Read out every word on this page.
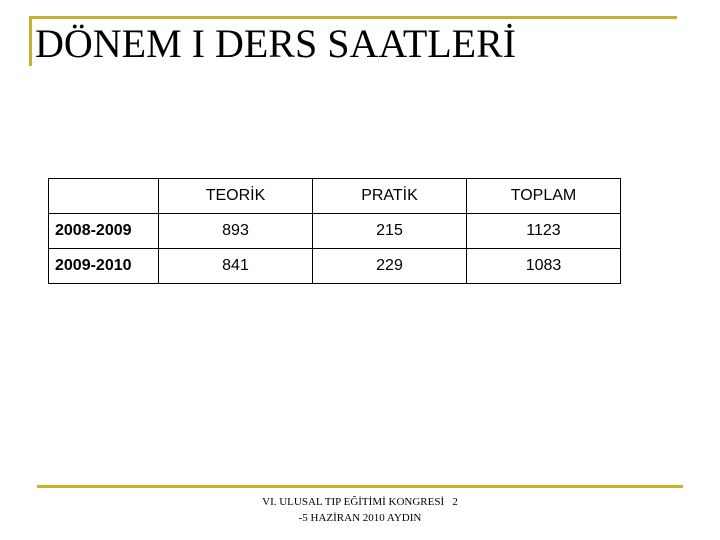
DÖNEM I DERS SAATLERİ
	TEORİK	PRATİK	TOPLAM
2008-2009	893	215	1123
2009-2010	841	229	1083
VI. ULUSAL TIP EĞİTİMİ KONGRESİ   2
-5 HAZİRAN 2010 AYDIN
